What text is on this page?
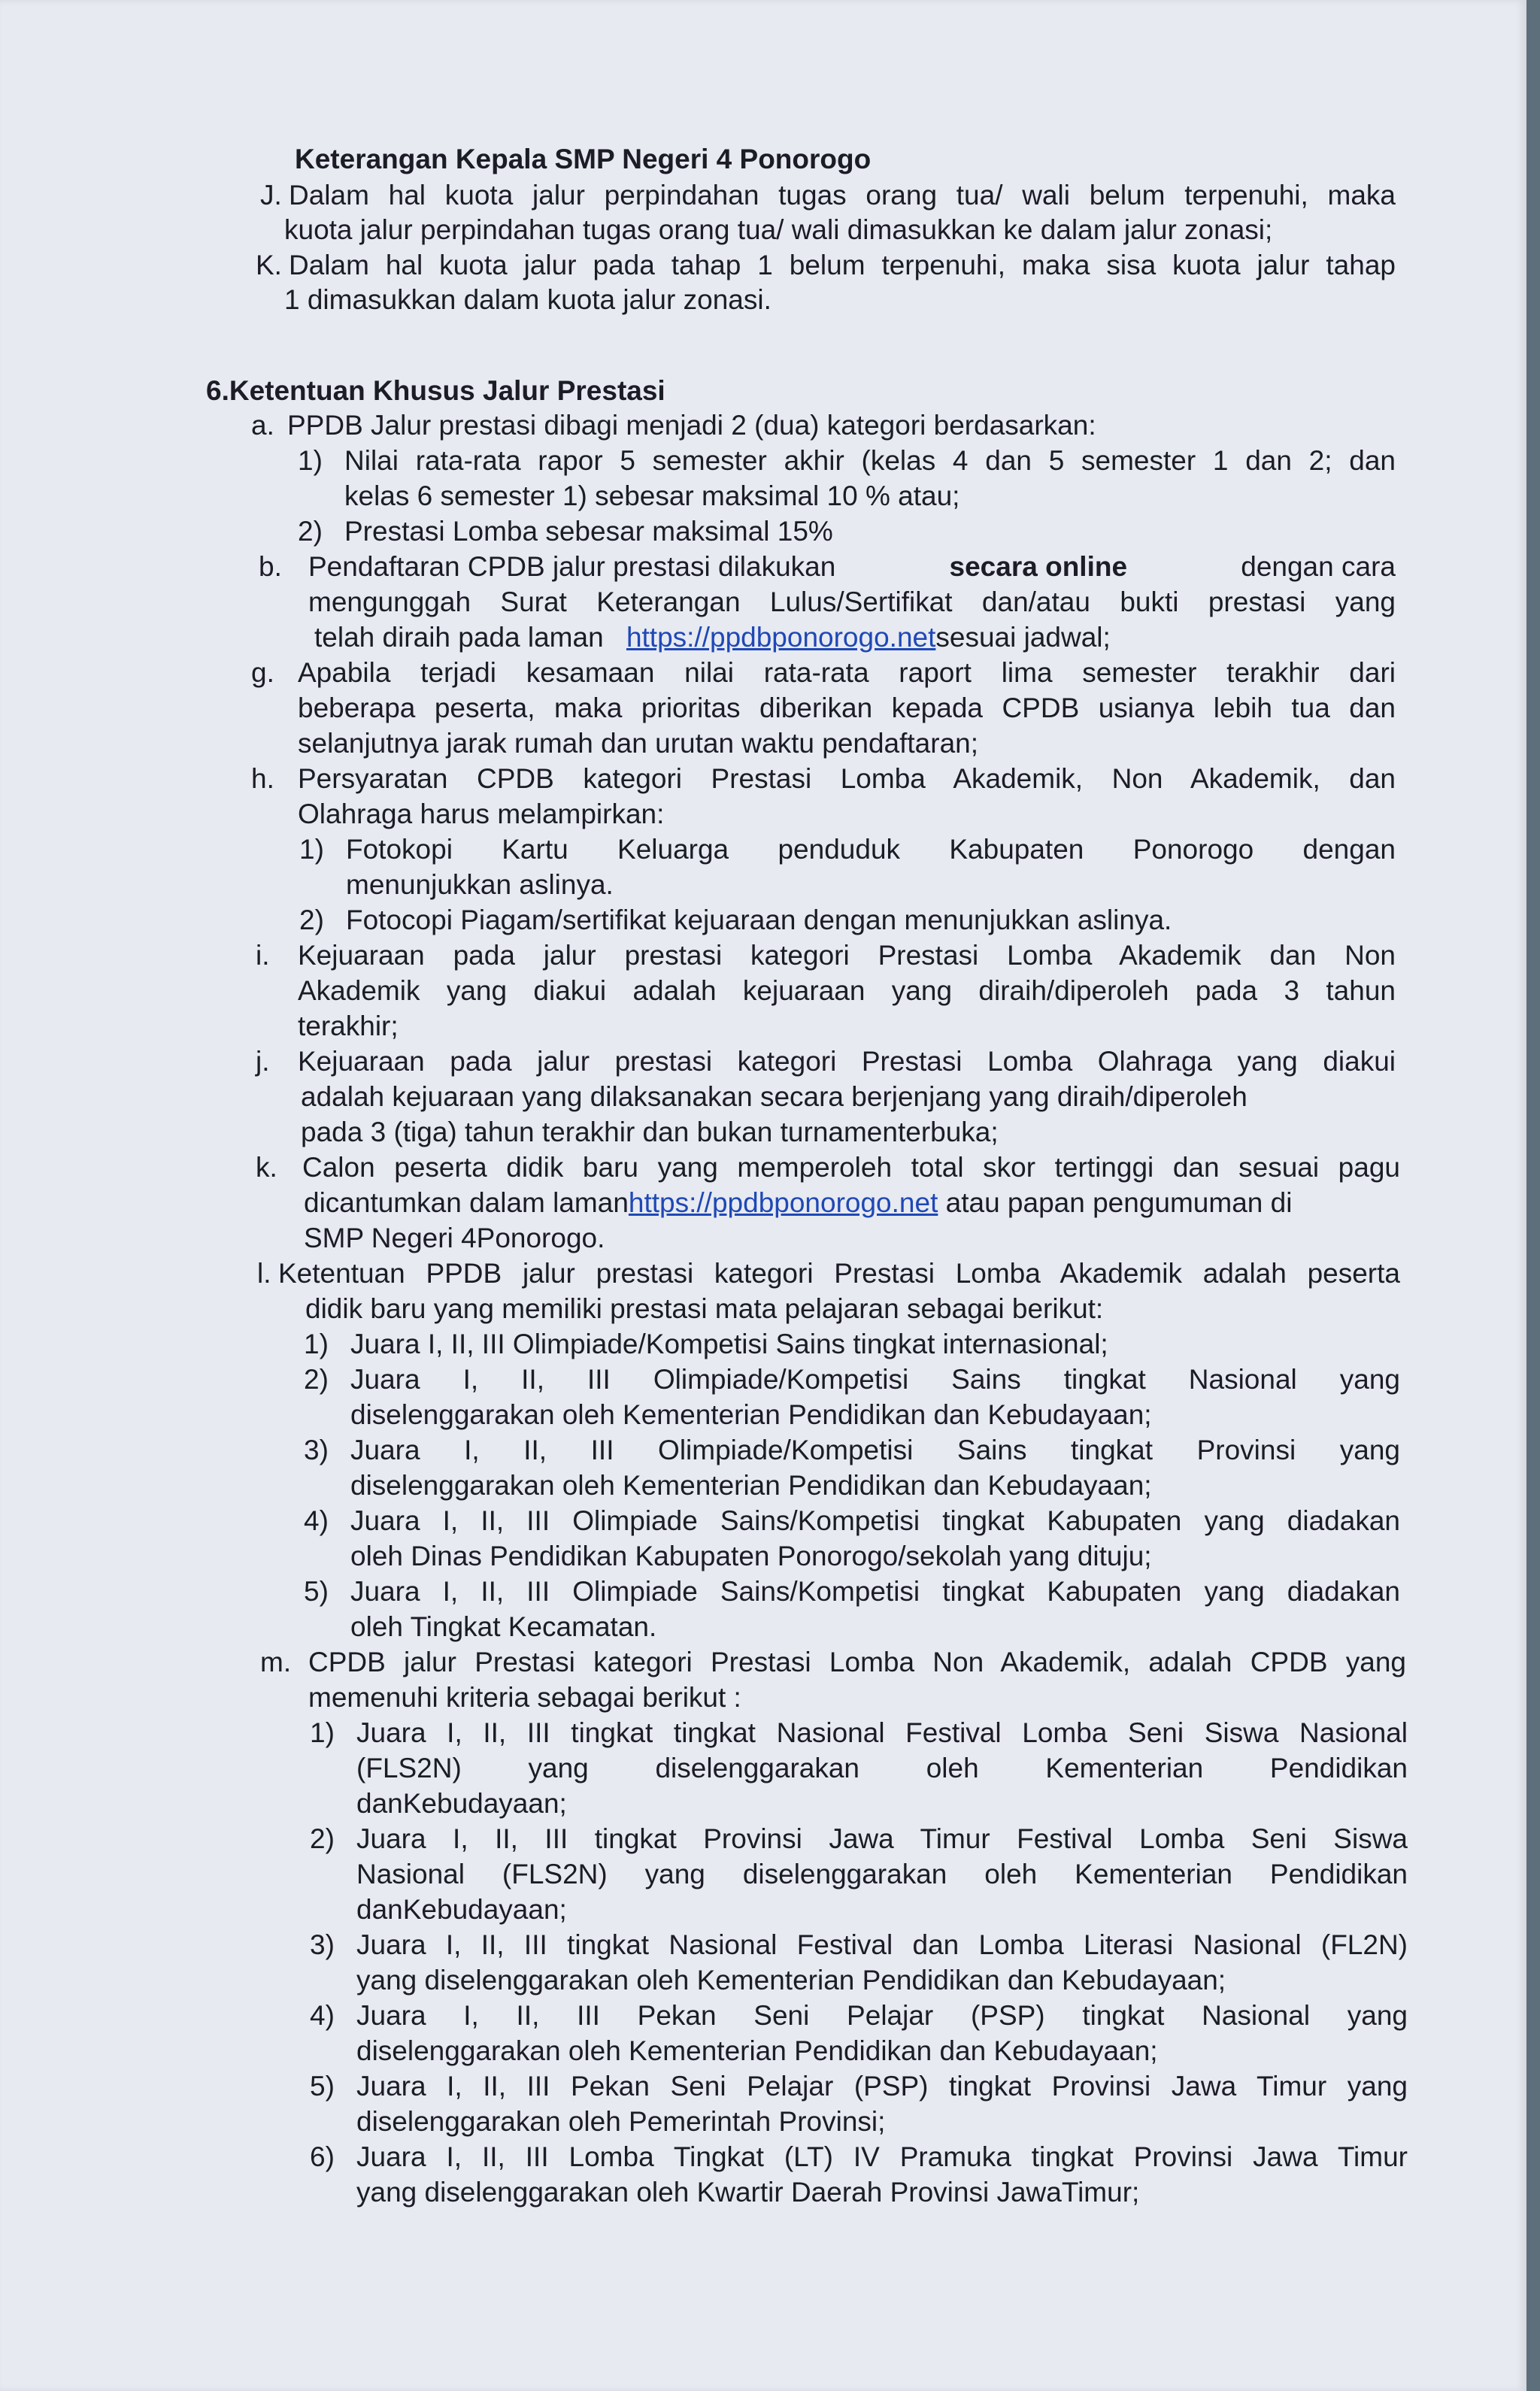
Keterangan Kepala SMP Negeri 4 Ponorogo
J. Dalam hal kuota jalur perpindahan tugas orang tua/ wali belum terpenuhi, maka
kuota jalur perpindahan tugas orang tua/ wali dimasukkan ke dalam jalur zonasi;
K. Dalam hal kuota jalur pada tahap 1 belum terpenuhi, maka sisa kuota jalur tahap
1 dimasukkan dalam kuota jalur zonasi.
6.Ketentuan Khusus Jalur Prestasi
a. PPDB Jalur prestasi dibagi menjadi 2 (dua) kategori berdasarkan:
1) Nilai rata-rata rapor 5 semester akhir (kelas 4 dan 5 semester 1 dan 2; dan
kelas 6 semester 1) sebesar maksimal 10 % atau;
2) Prestasi Lomba sebesar maksimal 15%
b. Pendaftaran CPDB jalur prestasi dilakukan	secara online	dengan cara
mengunggah Surat Keterangan Lulus/Sertifikat dan/atau bukti prestasi yang
telah diraih pada laman https://ppdbponorogo.netsesuai jadwal;
g. Apabila terjadi kesamaan nilai rata-rata raport lima semester terakhir dari
beberapa peserta, maka prioritas diberikan kepada CPDB usianya lebih tua dan
selanjutnya jarak rumah dan urutan waktu pendaftaran;
h. Persyaratan CPDB kategori Prestasi Lomba Akademik, Non Akademik, dan
Olahraga harus melampirkan:
1) Fotokopi Kartu Keluarga penduduk Kabupaten Ponorogo dengan
menunjukkan aslinya.
2) Fotocopi Piagam/sertifikat kejuaraan dengan menunjukkan aslinya.
i. Kejuaraan pada jalur prestasi kategori Prestasi Lomba Akademik dan Non
Akademik yang diakui adalah kejuaraan yang diraih/diperoleh pada 3 tahun
terakhir;
j. Kejuaraan pada jalur prestasi kategori Prestasi Lomba Olahraga yang diakui
adalah kejuaraan yang dilaksanakan secara berjenjang yang diraih/diperoleh
pada 3 (tiga) tahun terakhir dan bukan turnamenterbuka;
k. Calon peserta didik baru yang memperoleh total skor tertinggi dan sesuai pagu
dicantumkan dalam lamanhttps://ppdbponorogo.net atau papan pengumuman di
SMP Negeri 4Ponorogo.
l. Ketentuan PPDB jalur prestasi kategori Prestasi Lomba Akademik adalah peserta
didik baru yang memiliki prestasi mata pelajaran sebagai berikut:
1) Juara I, II, III Olimpiade/Kompetisi Sains tingkat internasional;
2) Juara I, II, III Olimpiade/Kompetisi Sains tingkat Nasional yang
diselenggarakan oleh Kementerian Pendidikan dan Kebudayaan;
3) Juara I, II, III Olimpiade/Kompetisi Sains tingkat Provinsi yang
diselenggarakan oleh Kementerian Pendidikan dan Kebudayaan;
4) Juara I, II, III Olimpiade Sains/Kompetisi tingkat Kabupaten yang diadakan
oleh Dinas Pendidikan Kabupaten Ponorogo/sekolah yang dituju;
5) Juara I, II, III Olimpiade Sains/Kompetisi tingkat Kabupaten yang diadakan
oleh Tingkat Kecamatan.
m. CPDB jalur Prestasi kategori Prestasi Lomba Non Akademik, adalah CPDB yang
memenuhi kriteria sebagai berikut :
1) Juara I, II, III tingkat tingkat Nasional Festival Lomba Seni Siswa Nasional
(FLS2N) yang diselenggarakan oleh Kementerian Pendidikan
danKebudayaan;
2) Juara I, II, III tingkat Provinsi Jawa Timur Festival Lomba Seni Siswa
Nasional (FLS2N) yang diselenggarakan oleh Kementerian Pendidikan
danKebudayaan;
3) Juara I, II, III tingkat Nasional Festival dan Lomba Literasi Nasional (FL2N)
yang diselenggarakan oleh Kementerian Pendidikan dan Kebudayaan;
4) Juara I, II, III Pekan Seni Pelajar (PSP) tingkat Nasional yang
diselenggarakan oleh Kementerian Pendidikan dan Kebudayaan;
5) Juara I, II, III Pekan Seni Pelajar (PSP) tingkat Provinsi Jawa Timur yang
diselenggarakan oleh Pemerintah Provinsi;
6) Juara I, II, III Lomba Tingkat (LT) IV Pramuka tingkat Provinsi Jawa Timur
yang diselenggarakan oleh Kwartir Daerah Provinsi JawaTimur;
